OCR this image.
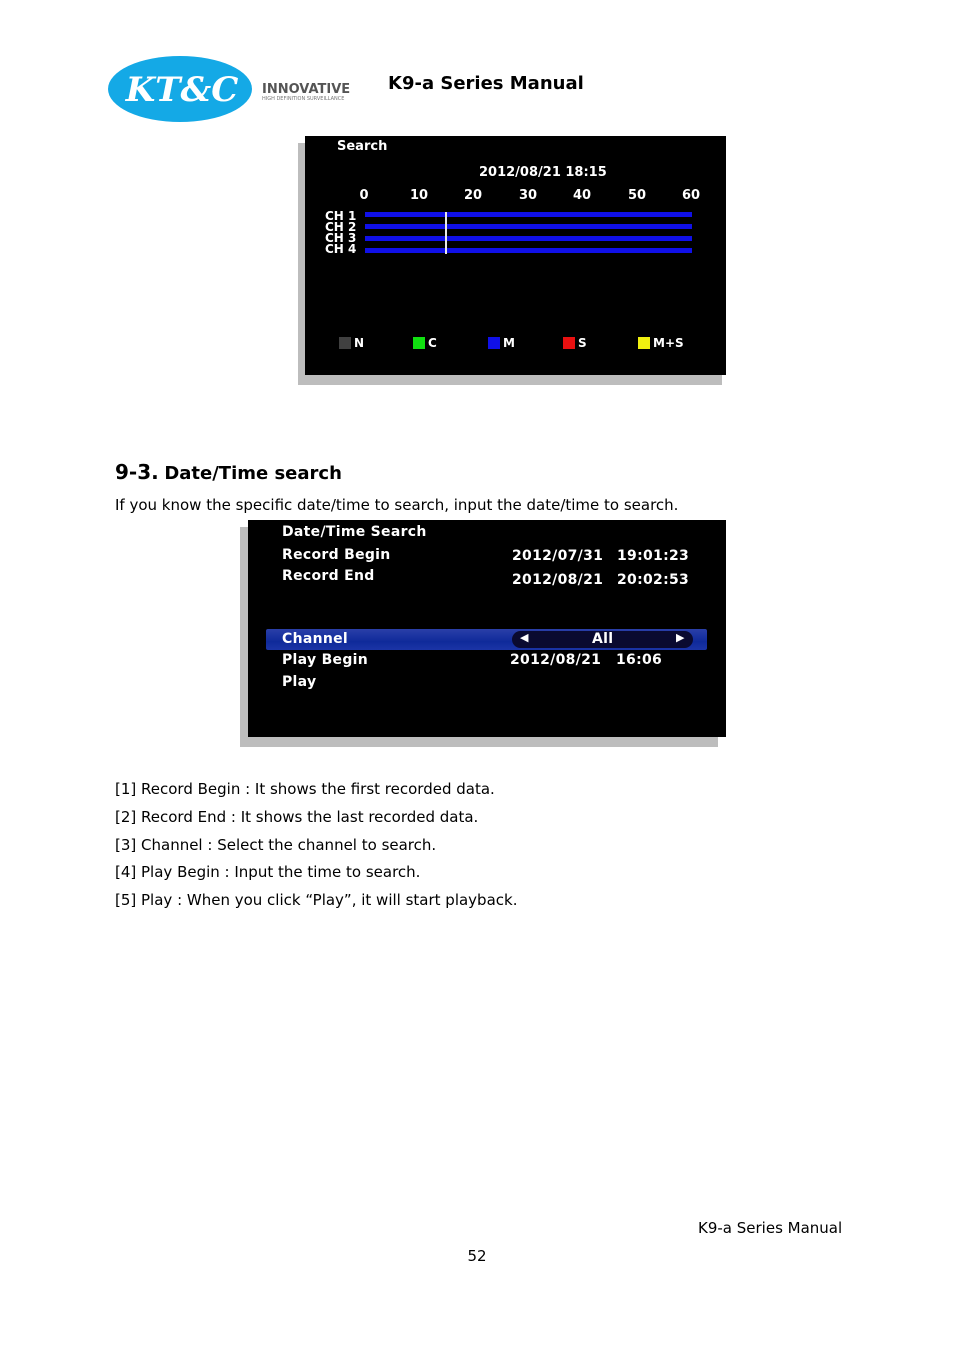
KT&C INNOVATIVE
HIGH DEFINITION SURVEILLANCE
K9-a Series Manual
Search
2012/08/21 18:15
0	10	20	30	40	50	60
CH 1
CH 2
CH 3
CH 4
N	C	M	S	M+S
9-3. Date/Time search
If you know the specific date/time to search, input the date/time to search.
Date/Time Search
Record Begin	2012/07/31 19:01:23
Record End	2012/08/21 20:02:53
Channel	◀	All	▶
Play Begin	2012/08/21 16:06
Play
[1] Record Begin : It shows the first recorded data.
[2] Record End : It shows the last recorded data.
[3] Channel : Select the channel to search.
[4] Play Begin : Input the time to search.
[5] Play : When you click “Play”, it will start playback.
K9-a Series Manual
52
